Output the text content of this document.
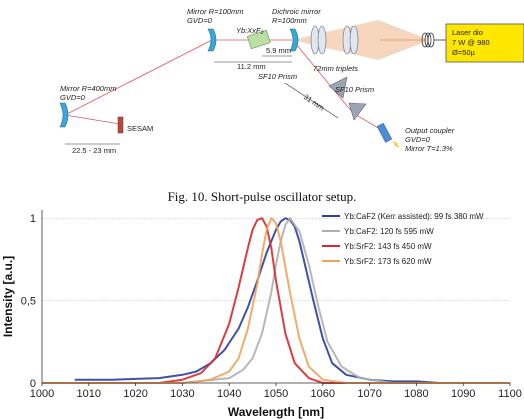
Laser dio
7 W @ 980
Ø=50µ
Mirror R=100mm
GVD=0
Dichroic mirror
R=100mm
Yb:XxF₂
5.9 mm
11.2 mm	72mm triplets
Mirror R=400mm
GVD=0
SESAM
22.5 - 23 mm
SF10 Prism
SF10 Prism
31 mm
Output coupler
GVD=0
Mirror T=1.3%
Fig. 10. Short-pulse oscillator setup.
0
0,5
1
1000 1010 1020 1030 1040 1050 1060 1070 1080 1090 1100
Yb:CaF2 (Kerr assisted): 99 fs 380 mW
Yb:CaF2: 120 fs 595 mW
Yb:SrF2: 143 fs 450 mW
Yb:SrF2: 173 fs 620 mW
Wavelength [nm]
Intensity [a.u.]
